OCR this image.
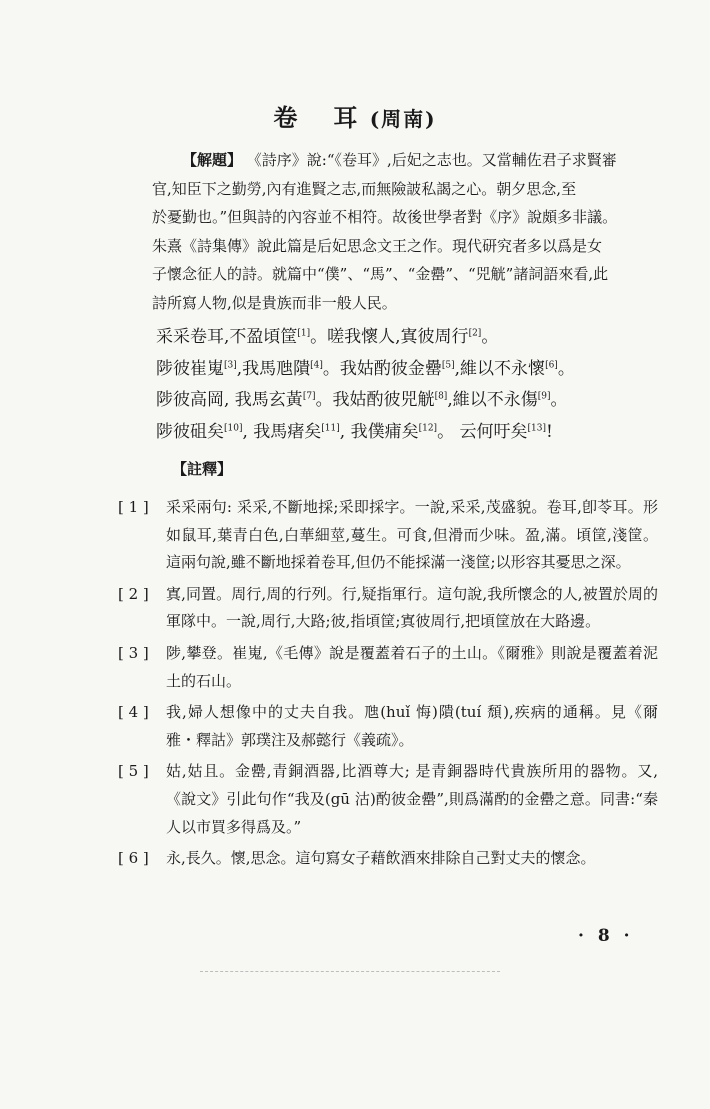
卷 耳 (周南)
【解題】 《詩序》說:“《卷耳》,后妃之志也。又當輔佐君子求賢審
官,知臣下之勤勞,內有進賢之志,而無險詖私謁之心。朝夕思念,至
於憂勤也。”但與詩的內容並不相符。故後世學者對《序》說頗多非議。
朱熹《詩集傳》說此篇是后妃思念文王之作。現代研究者多以爲是女
子懷念征人的詩。就篇中“僕”、“馬”、“金罍”、“兕觥”諸詞語來看,此
詩所寫人物,似是貴族而非一般人民。
采采卷耳,不盈頃筐[1]。嗟我懷人,寘彼周行[2]。
陟彼崔嵬[3],我馬虺隤[4]。我姑酌彼金罍[5],維以不永懷[6]。
陟彼高岡, 我馬玄黃[7]。我姑酌彼兕觥[8],維以不永傷[9]。
陟彼砠矣[10], 我馬瘏矣[11], 我僕痡矣[12]。 云何吁矣[13]!
【註釋】
[ 1 ] 采采兩句: 采采,不斷地採;采即採字。一說,采采,茂盛貌。卷耳,卽苓耳。形如鼠耳,葉青白色,白華細莖,蔓生。可食,但滑而少味。盈,滿。頃筐,淺筐。這兩句說,雖不斷地採着卷耳,但仍不能採滿一淺筐;以形容其憂思之深。
[ 2 ] 寘,同置。周行,周的行列。行,疑指軍行。這句說,我所懷念的人,被置於周的軍隊中。一說,周行,大路;彼,指頃筐;寘彼周行,把頃筐放在大路邊。
[ 3 ] 陟,攀登。崔嵬,《毛傳》說是覆蓋着石子的土山。《爾雅》則說是覆蓋着泥土的石山。
[ 4 ] 我,婦人想像中的丈夫自我。虺(huǐ 悔)隤(tuí 頹),疾病的通稱。見《爾雅・釋詁》郭璞注及郝懿行《義疏》。
[ 5 ] 姑,姑且。金罍,青銅酒器,比酒尊大; 是青銅器時代貴族所用的器物。又,《說文》引此句作“我及(gū 沽)酌彼金罍”,則爲滿酌的金罍之意。同書:“秦人以市買多得爲及。”
[ 6 ] 永,長久。懷,思念。這句寫女子藉飲酒來排除自己對丈夫的懷念。
· 8 ·
